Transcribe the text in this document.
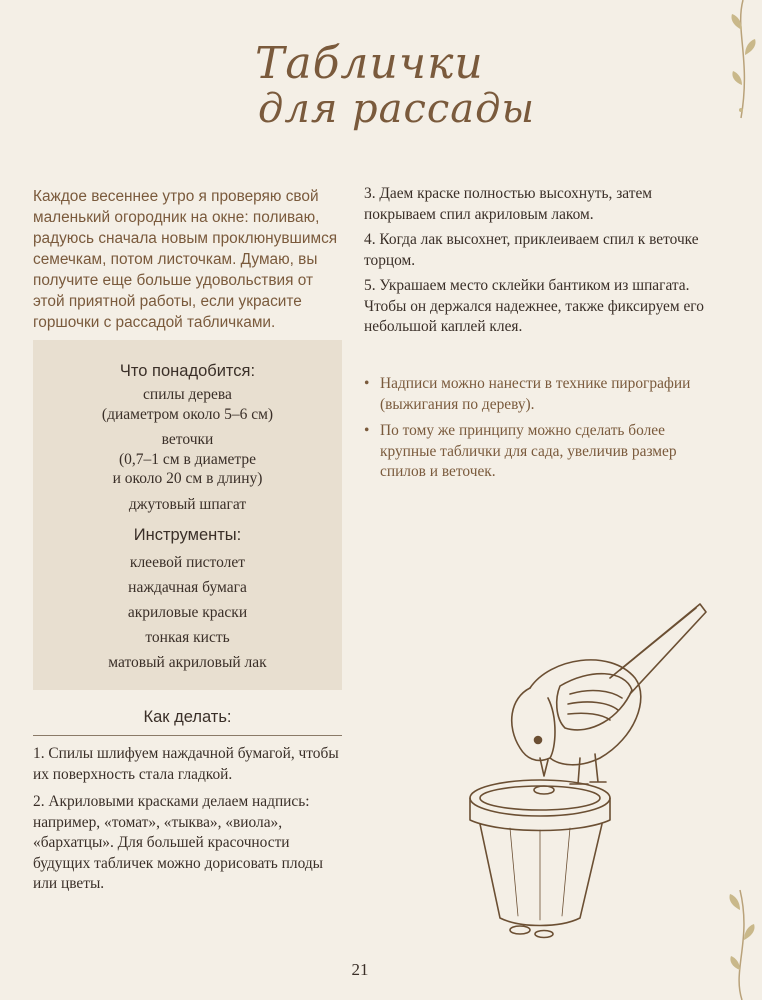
Таблички
для рассады
Каждое весеннее утро я проверяю свой маленький огородник на окне: поливаю, радуюсь сначала новым проклюнувшимся семечкам, потом листочкам. Думаю, вы получите еще больше удовольствия от этой приятной работы, если украсите горшочки с рассадой табличками.
Что понадобится:
спилы дерева
(диаметром около 5–6 см)
веточки
(0,7–1 см в диаметре
и около 20 см в длину)
джутовый шпагат
Инструменты:
клеевой пистолет
наждачная бумага
акриловые краски
тонкая кисть
матовый акриловый лак
Как делать:
1. Спилы шлифуем наждачной бумагой, чтобы их поверхность стала гладкой.
2. Акриловыми красками делаем надпись: например, «томат», «тыква», «виола», «бархатцы». Для большей красочности будущих табличек можно дорисовать плоды или цветы.
3. Даем краске полностью высохнуть, затем покрываем спил акриловым лаком.
4. Когда лак высохнет, приклеиваем спил к веточке торцом.
5. Украшаем место склейки бантиком из шпагата. Чтобы он держался надежнее, также фиксируем его небольшой каплей клея.
• Надписи можно нанести в технике пирографии (выжигания по дереву).
• По тому же принципу можно сделать более крупные таблички для сада, увеличив размер спилов и веточек.
21
